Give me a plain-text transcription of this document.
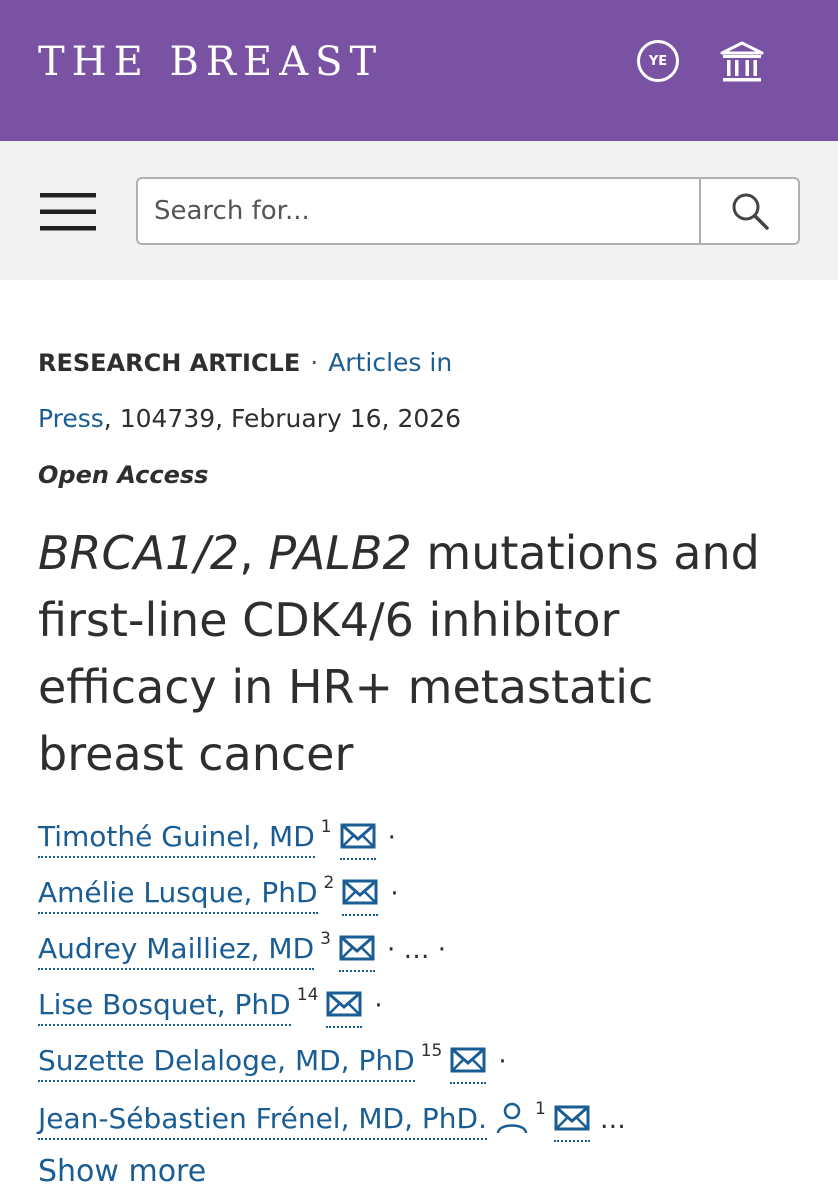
THE BREAST	YE
Search for...
RESEARCH ARTICLE · Articles in
Press, 104739, February 16, 2026
Open Access
BRCA1/2, PALB2 mutations and first-line CDK4/6 inhibitor efficacy in HR+ metastatic breast cancer
Timothé Guinel, MD 1 ·
Amélie Lusque, PhD 2 ·
Audrey Mailliez, MD 3 · … ·
Lise Bosquet, PhD 14 ·
Suzette Delaloge, MD, PhD 15 ·
Jean-Sébastien Frénel, MD, PhD.	1 …
Show more
